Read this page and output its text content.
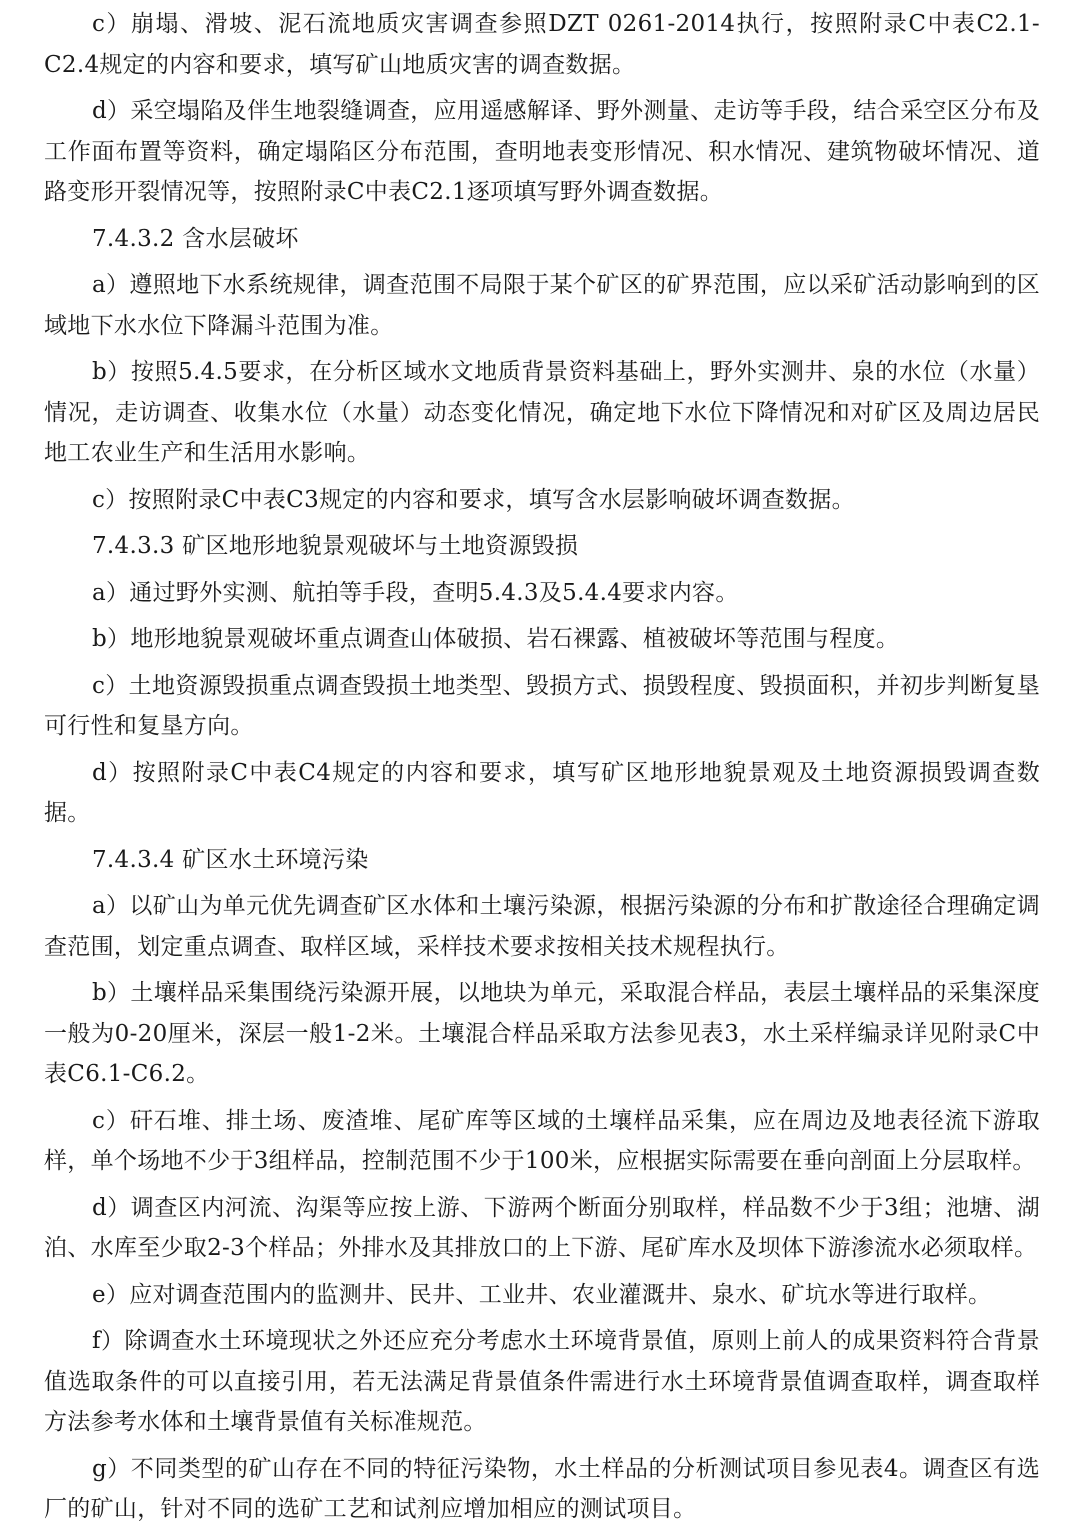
c）崩塌、滑坡、泥石流地质灾害调查参照DZT 0261-2014执行，按照附录C中表C2.1-C2.4规定的内容和要求，填写矿山地质灾害的调查数据。

d）采空塌陷及伴生地裂缝调查，应用遥感解译、野外测量、走访等手段，结合采空区分布及工作面布置等资料，确定塌陷区分布范围，查明地表变形情况、积水情况、建筑物破坏情况、道路变形开裂情况等，按照附录C中表C2.1逐项填写野外调查数据。

7.4.3.2 含水层破坏

a）遵照地下水系统规律，调查范围不局限于某个矿区的矿界范围，应以采矿活动影响到的区域地下水水位下降漏斗范围为准。

b）按照5.4.5要求，在分析区域水文地质背景资料基础上，野外实测井、泉的水位（水量）情况，走访调查、收集水位（水量）动态变化情况，确定地下水位下降情况和对矿区及周边居民地工农业生产和生活用水影响。

c）按照附录C中表C3规定的内容和要求，填写含水层影响破坏调查数据。

7.4.3.3 矿区地形地貌景观破坏与土地资源毁损

a）通过野外实测、航拍等手段，查明5.4.3及5.4.4要求内容。

b）地形地貌景观破坏重点调查山体破损、岩石裸露、植被破坏等范围与程度。

c）土地资源毁损重点调查毁损土地类型、毁损方式、损毁程度、毁损面积，并初步判断复垦可行性和复垦方向。

d）按照附录C中表C4规定的内容和要求，填写矿区地形地貌景观及土地资源损毁调查数据。

7.4.3.4 矿区水土环境污染

a）以矿山为单元优先调查矿区水体和土壤污染源，根据污染源的分布和扩散途径合理确定调查范围，划定重点调查、取样区域，采样技术要求按相关技术规程执行。

b）土壤样品采集围绕污染源开展，以地块为单元，采取混合样品，表层土壤样品的采集深度一般为0-20厘米，深层一般1-2米。土壤混合样品采取方法参见表3，水土采样编录详见附录C中表C6.1-C6.2。

c）矸石堆、排土场、废渣堆、尾矿库等区域的土壤样品采集，应在周边及地表径流下游取样，单个场地不少于3组样品，控制范围不少于100米，应根据实际需要在垂向剖面上分层取样。

d）调查区内河流、沟渠等应按上游、下游两个断面分别取样，样品数不少于3组；池塘、湖泊、水库至少取2-3个样品；外排水及其排放口的上下游、尾矿库水及坝体下游渗流水必须取样。

e）应对调查范围内的监测井、民井、工业井、农业灌溉井、泉水、矿坑水等进行取样。

f）除调查水土环境现状之外还应充分考虑水土环境背景值，原则上前人的成果资料符合背景值选取条件的可以直接引用，若无法满足背景值条件需进行水土环境背景值调查取样，调查取样方法参考水体和土壤背景值有关标准规范。

g）不同类型的矿山存在不同的特征污染物，水土样品的分析测试项目参见表4。调查区有选厂的矿山，针对不同的选矿工艺和试剂应增加相应的测试项目。
